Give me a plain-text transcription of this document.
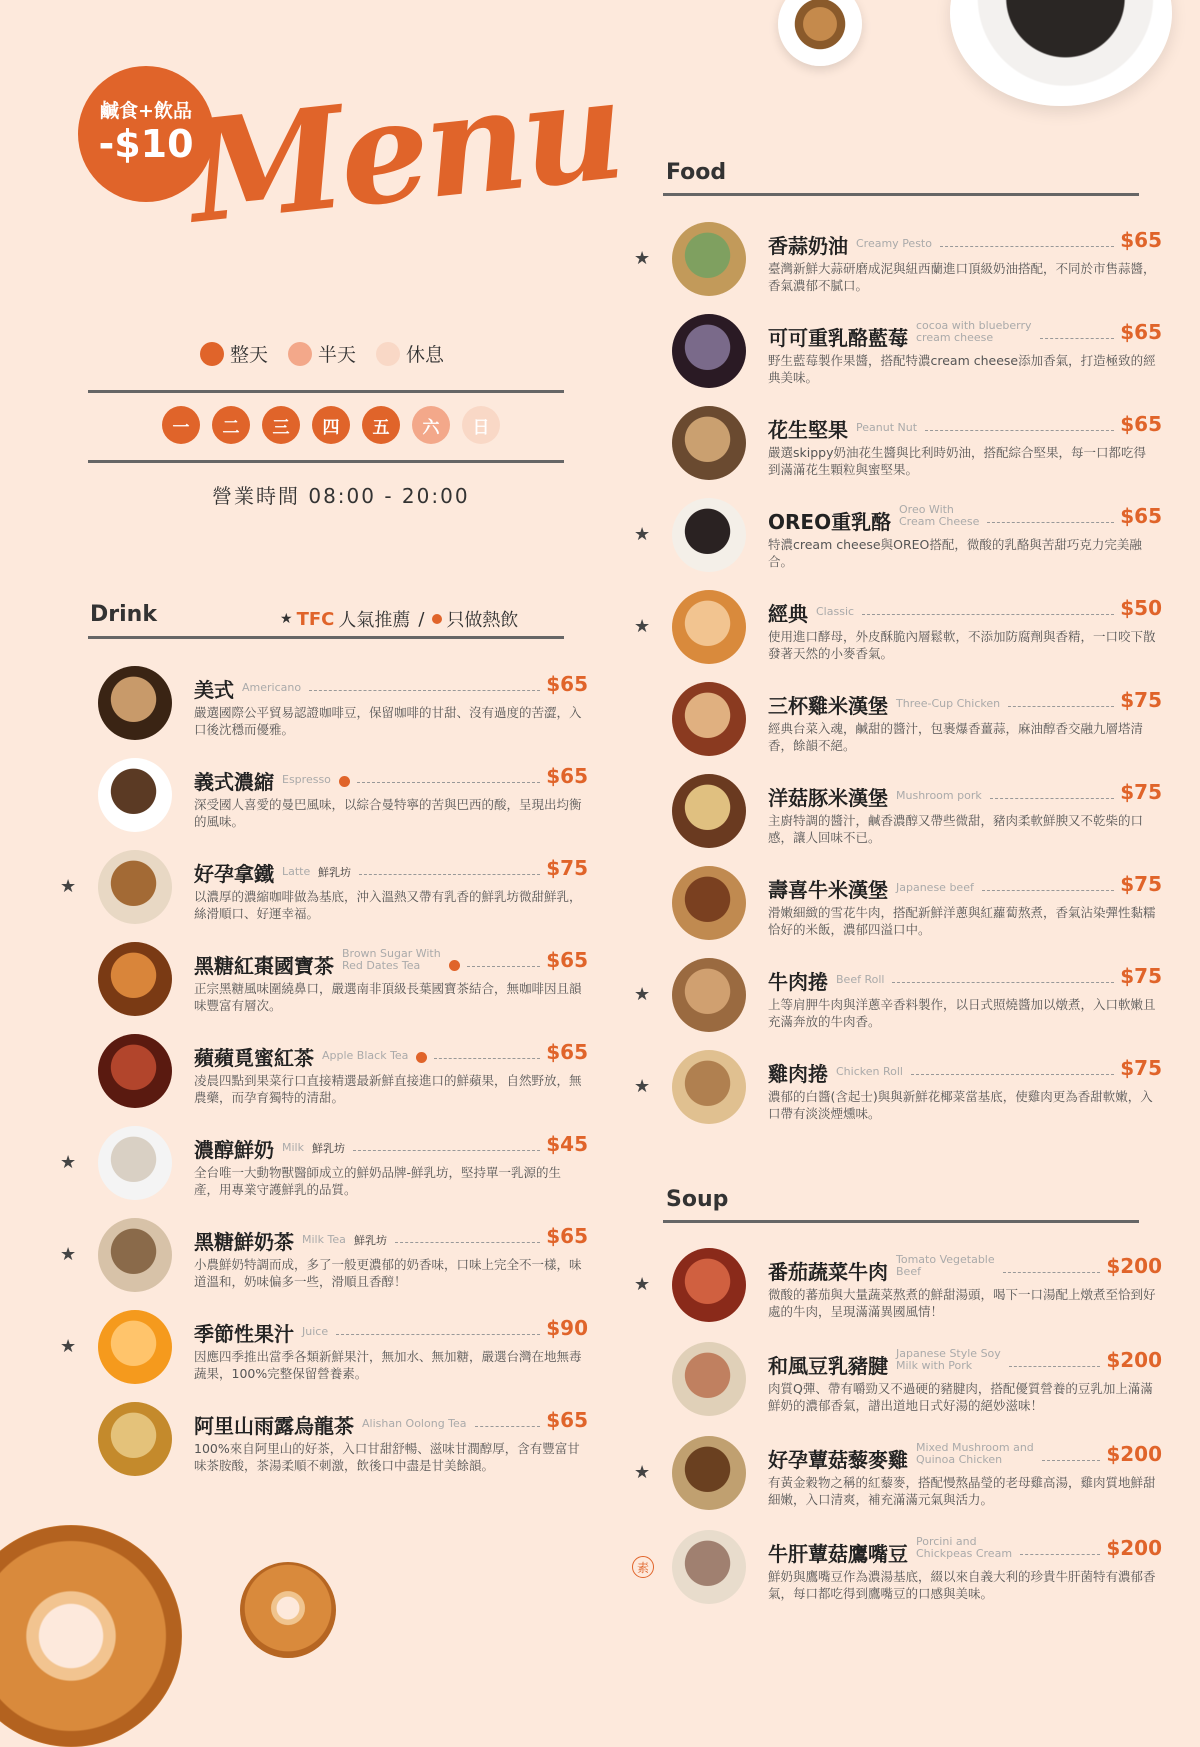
鹹食+飲品
-$10
Menu
整天	半天	休息
一	二	三	四	五	六	日
營業時間 08:00 - 20:00
Drink	★ TFC 人氣推薦 / 只做熱飲
美式 Americano	$65
嚴選國際公平貿易認證咖啡豆，保留咖啡的甘甜、沒有過度的苦澀，入口後沈穩而優雅。
義式濃縮 Espresso	$65
深受國人喜愛的曼巴風味，以綜合曼特寧的苦與巴西的酸，呈現出均衡的風味。
好孕拿鐵 Latte 鮮乳坊	$75
以濃厚的濃縮咖啡做為基底，沖入溫熱又帶有乳香的鮮乳坊微甜鮮乳，絲滑順口、好運幸福。
★
黑糖紅棗國寶茶
Brown Sugar With
Red Dates Tea	$65
正宗黑糖風味圍繞鼻口，嚴選南非頂級長葉國寶茶結合，無咖啡因且韻味豐富有層次。
蘋蘋覓蜜紅茶 Apple Black Tea	$65
凌晨四點到果菜行口直接精選最新鮮直接進口的鮮蘋果，自然野放，無農藥，而孕育獨特的清甜。
濃醇鮮奶 Milk 鮮乳坊	$45
全台唯一大動物獸醫師成立的鮮奶品牌-鮮乳坊，堅持單一乳源的生產，用專業守護鮮乳的品質。
★
黑糖鮮奶茶 Milk Tea 鮮乳坊	$65
小農鮮奶特調而成，多了一般更濃郁的奶香味，口味上完全不一樣，味道溫和，奶味偏多一些，滑順且香醇！
★
季節性果汁 Juice	$90
因應四季推出當季各類新鮮果汁，無加水、無加糖，嚴選台灣在地無毒蔬果，100%完整保留營養素。
★
阿里山雨露烏龍茶 Alishan Oolong Tea	$65
100%來自阿里山的好茶，入口甘甜舒暢、滋味甘潤醇厚，含有豐富甘味茶胺酸，茶湯柔順不刺激，飲後口中盡是甘美餘韻。
Food
香蒜奶油 Creamy Pesto	$65
臺灣新鮮大蒜研磨成泥與紐西蘭進口頂級奶油搭配，不同於市售蒜醬，香氣濃郁不膩口。
★
可可重乳酪藍莓
cocoa with blueberry
cream cheese	$65
野生藍莓製作果醬，搭配特濃cream cheese添加香氣，打造極致的經典美味。
花生堅果 Peanut Nut	$65
嚴選skippy奶油花生醬與比利時奶油，搭配綜合堅果，每一口都吃得到滿滿花生顆粒與蜜堅果。
OREO重乳酪
Oreo With
Cream Cheese	$65
特濃cream cheese與OREO搭配，微酸的乳酪與苦甜巧克力完美融合。
★
經典 Classic	$50
使用進口酵母，外皮酥脆內層鬆軟，不添加防腐劑與香精，一口咬下散發著天然的小麥香氣。
★
三杯雞米漢堡 Three-Cup Chicken	$75
經典台菜入魂，鹹甜的醬汁，包裹爆香薑蒜，麻油醇香交融九層塔清香，餘韻不絕。
洋菇豚米漢堡 Mushroom pork	$75
主廚特調的醬汁，鹹香濃醇又帶些微甜，豬肉柔軟鮮腴又不乾柴的口感，讓人回味不已。
壽喜牛米漢堡 Japanese beef	$75
滑嫩細緻的雪花牛肉，搭配新鮮洋蔥與紅蘿蔔熬煮，香氣沾染彈性黏糯恰好的米飯，濃郁四溢口中。
牛肉捲 Beef Roll	$75
上等肩胛牛肉與洋蔥辛香料製作，以日式照燒醬加以燉煮，入口軟嫩且充滿奔放的牛肉香。
★
雞肉捲 Chicken Roll	$75
濃郁的白醬(含起士)與與新鮮花椰菜當基底，使雞肉更為香甜軟嫩，入口帶有淡淡煙燻味。
★
Soup
番茄蔬菜牛肉
Tomato Vegetable
Beef	$200
微酸的蕃茄與大量蔬菜熬煮的鮮甜湯頭，喝下一口湯配上燉煮至恰到好處的牛肉，呈現滿滿異國風情！
★
和風豆乳豬腱
Japanese Style Soy
Milk with Pork	$200
肉質Q彈、帶有嚼勁又不過硬的豬腱肉，搭配優質營養的豆乳加上滿滿鮮奶的濃郁香氣，譜出道地日式好湯的絕妙滋味！
好孕蕈菇藜麥雞
Mixed Mushroom and
Quinoa Chicken	$200
有黃金穀物之稱的紅藜麥，搭配慢熬晶瑩的老母雞高湯，雞肉質地鮮甜細嫩，入口清爽，補充滿滿元氣與活力。
★
牛肝蕈菇鷹嘴豆
Porcini and
Chickpeas Cream	$200
鮮奶與鷹嘴豆作為濃湯基底，綴以來自義大利的珍貴牛肝菌特有濃郁香氣，每口都吃得到鷹嘴豆的口感與美味。
素
